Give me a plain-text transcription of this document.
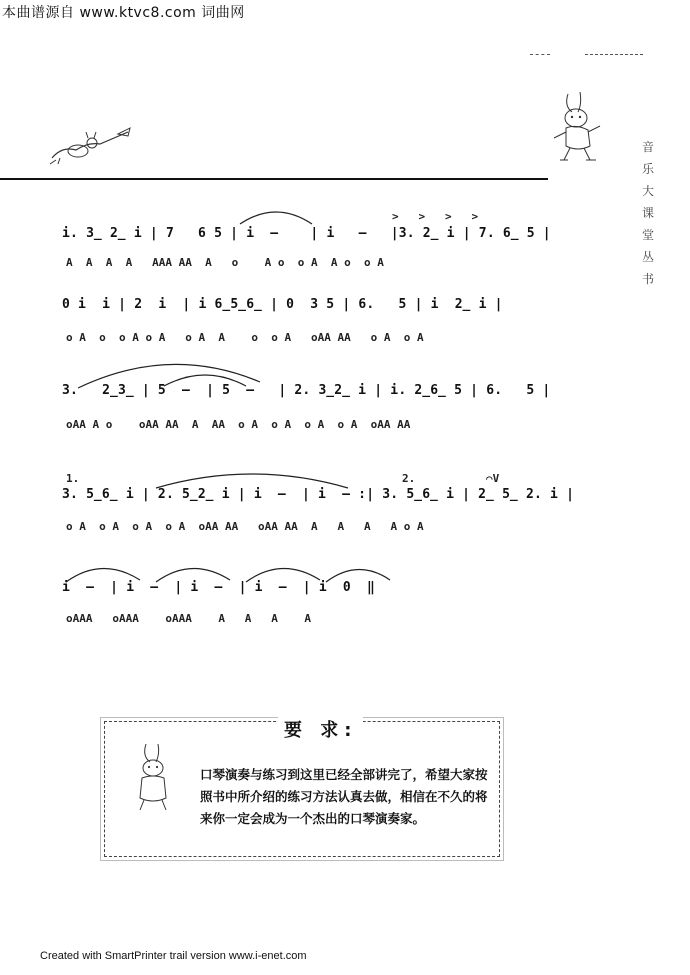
本曲谱源自 www.ktvc8.com 词曲网
音
乐
大
课
堂
丛
书
>   >   >   >
i. 3̲ 2̲ i | 7   6 5 | i  –    | i   –   |3. 2̲ i | 7. 6̲ 5 |
A  A  A  A   AAA AA  A   o    A o  o A  A o  o A
0 i  i | 2  i  | i 6̲5̲6̲ | 0  3 5 | 6.   5 | i  2̲ i |
o A  o  o A o A   o A  A    o  o A   oAA AA   o A  o A
3.   2̲3̲ | 5  –  | 5  –   | 2. 3̲2̲ i | i. 2̲6̲ 5 | 6.   5 |
oAA A o    oAA AA  A  AA  o A  o A  o A  o A  oAA AA
1.	2.	⌒V
3. 5̲6̲ i | 2. 5̲2̲ i | i  –  | i  – :| 3. 5̲6̲ i | 2̲ 5̲ 2. i |
o A  o A  o A  o A  oAA AA   oAA AA  A   A   A   A o A
i  –  | i  –  | i  –  | i  –  | i  0  ‖
oAAA   oAAA    oAAA    A   A   A    A
要 求:
口琴演奏与练习到这里已经全部讲完了，希望大家按照书中所介绍的练习方法认真去做，相信在不久的将来你一定会成为一个杰出的口琴演奏家。
Created with SmartPrinter trail version www.i-enet.com
